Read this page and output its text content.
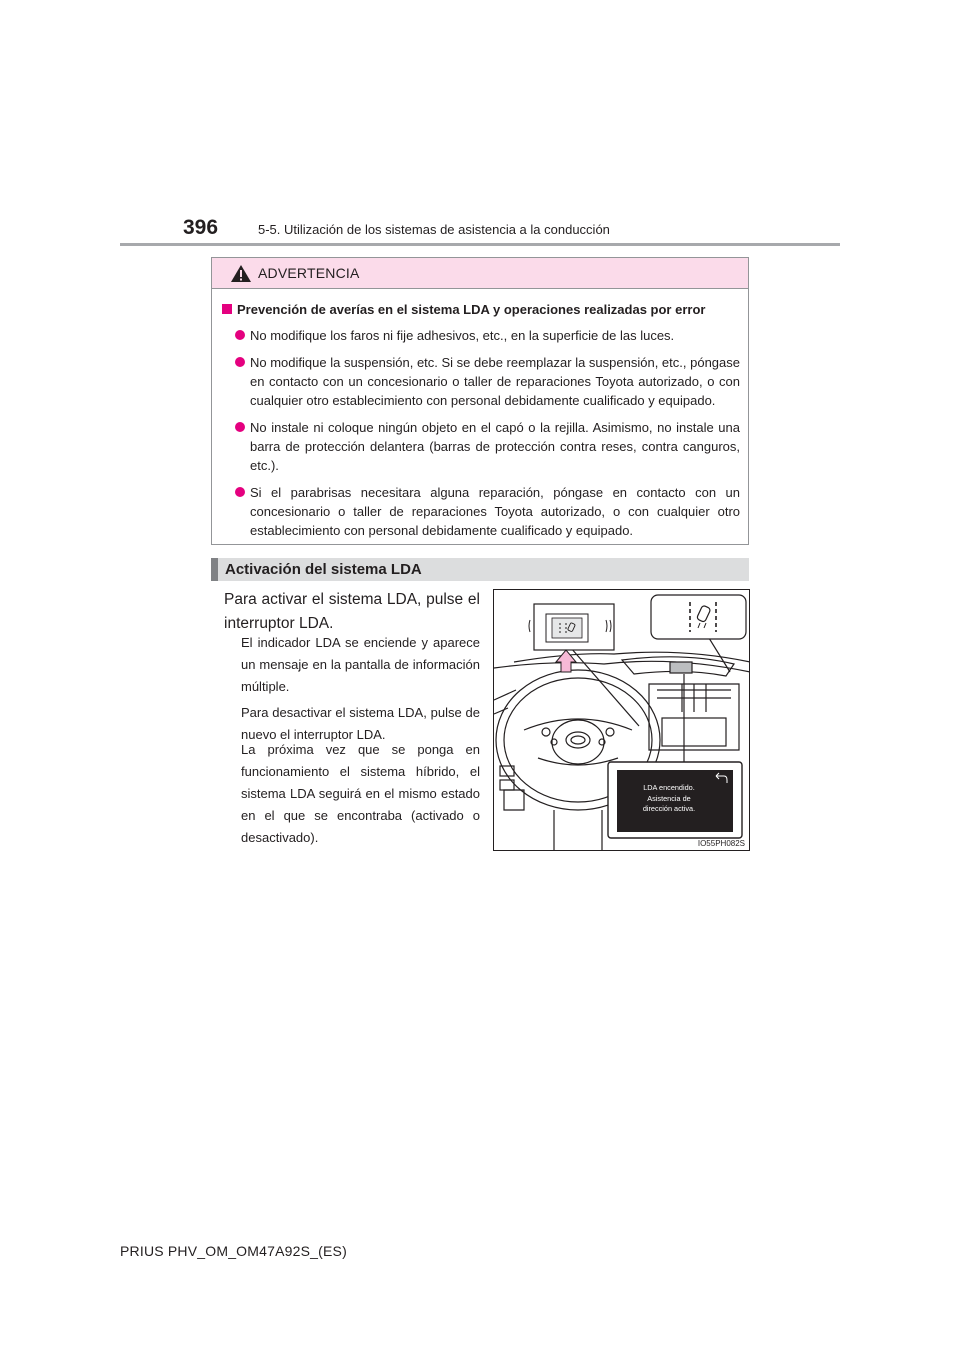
396	5-5. Utilización de los sistemas de asistencia a la conducción
ADVERTENCIA
Prevención de averías en el sistema LDA y operaciones realizadas por error
No modifique los faros ni fije adhesivos, etc., en la superficie de las luces.
No modifique la suspensión, etc. Si se debe reemplazar la suspensión, etc., póngase en contacto con un concesionario o taller de reparaciones Toyota autorizado, o con cualquier otro establecimiento con personal debidamente cualificado y equipado.
No instale ni coloque ningún objeto en el capó o la rejilla. Asimismo, no instale una barra de protección delantera (barras de protección contra reses, contra canguros, etc.).
Si el parabrisas necesitara alguna reparación, póngase en contacto con un concesionario o taller de reparaciones Toyota autorizado, o con cualquier otro establecimiento con personal debidamente cualificado y equipado.
Activación del sistema LDA
Para activar el sistema LDA, pulse el interruptor LDA.
El indicador LDA se enciende y aparece un mensaje en la pantalla de información múltiple.
Para desactivar el sistema LDA, pulse de nuevo el interruptor LDA.
La próxima vez que se ponga en funcionamiento el sistema híbrido, el sistema LDA seguirá en el mismo estado en el que se encontraba (activado o desactivado).
LDA encendido.
Asistencia de
dirección activa.
IO55PH082S
PRIUS PHV_OM_OM47A92S_(ES)
